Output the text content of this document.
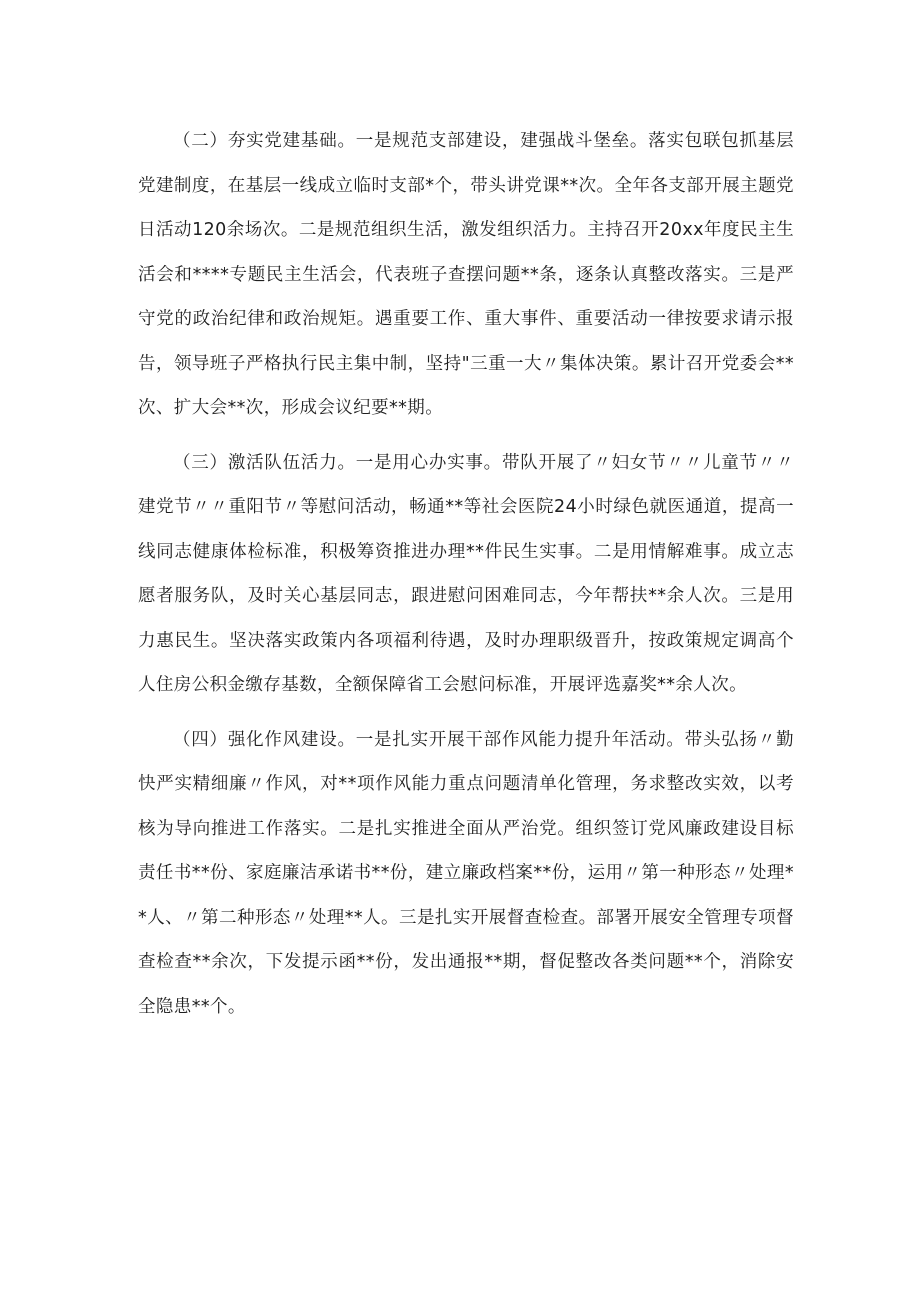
（二）夯实党建基础。一是规范支部建设，建强战斗堡垒。落实包联包抓基层党建制度，在基层一线成立临时支部*个，带头讲党课**次。全年各支部开展主题党日活动120余场次。二是规范组织生活，激发组织活力。主持召开20xx年度民主生活会和****专题民主生活会，代表班子查摆问题**条，逐条认真整改落实。三是严守党的政治纪律和政治规矩。遇重要工作、重大事件、重要活动一律按要求请示报告，领导班子严格执行民主集中制，坚持"三重一大〃集体决策。累计召开党委会**次、扩大会**次，形成会议纪要**期。

（三）激活队伍活力。一是用心办实事。带队开展了〃妇女节〃〃儿童节〃〃建党节〃〃重阳节〃等慰问活动，畅通**等社会医院24小时绿色就医通道，提高一线同志健康体检标准，积极筹资推进办理**件民生实事。二是用情解难事。成立志愿者服务队，及时关心基层同志，跟进慰问困难同志，今年帮扶**余人次。三是用力惠民生。坚决落实政策内各项福利待遇，及时办理职级晋升，按政策规定调高个人住房公积金缴存基数，全额保障省工会慰问标准，开展评选嘉奖**余人次。

（四）强化作风建设。一是扎实开展干部作风能力提升年活动。带头弘扬〃勤快严实精细廉〃作风，对**项作风能力重点问题清单化管理，务求整改实效，以考核为导向推进工作落实。二是扎实推进全面从严治党。组织签订党风廉政建设目标责任书**份、家庭廉洁承诺书**份，建立廉政档案**份，运用〃第一种形态〃处理**人、〃第二种形态〃处理**人。三是扎实开展督查检查。部署开展安全管理专项督查检查**余次，下发提示函**份，发出通报**期，督促整改各类问题**个，消除安全隐患**个。
